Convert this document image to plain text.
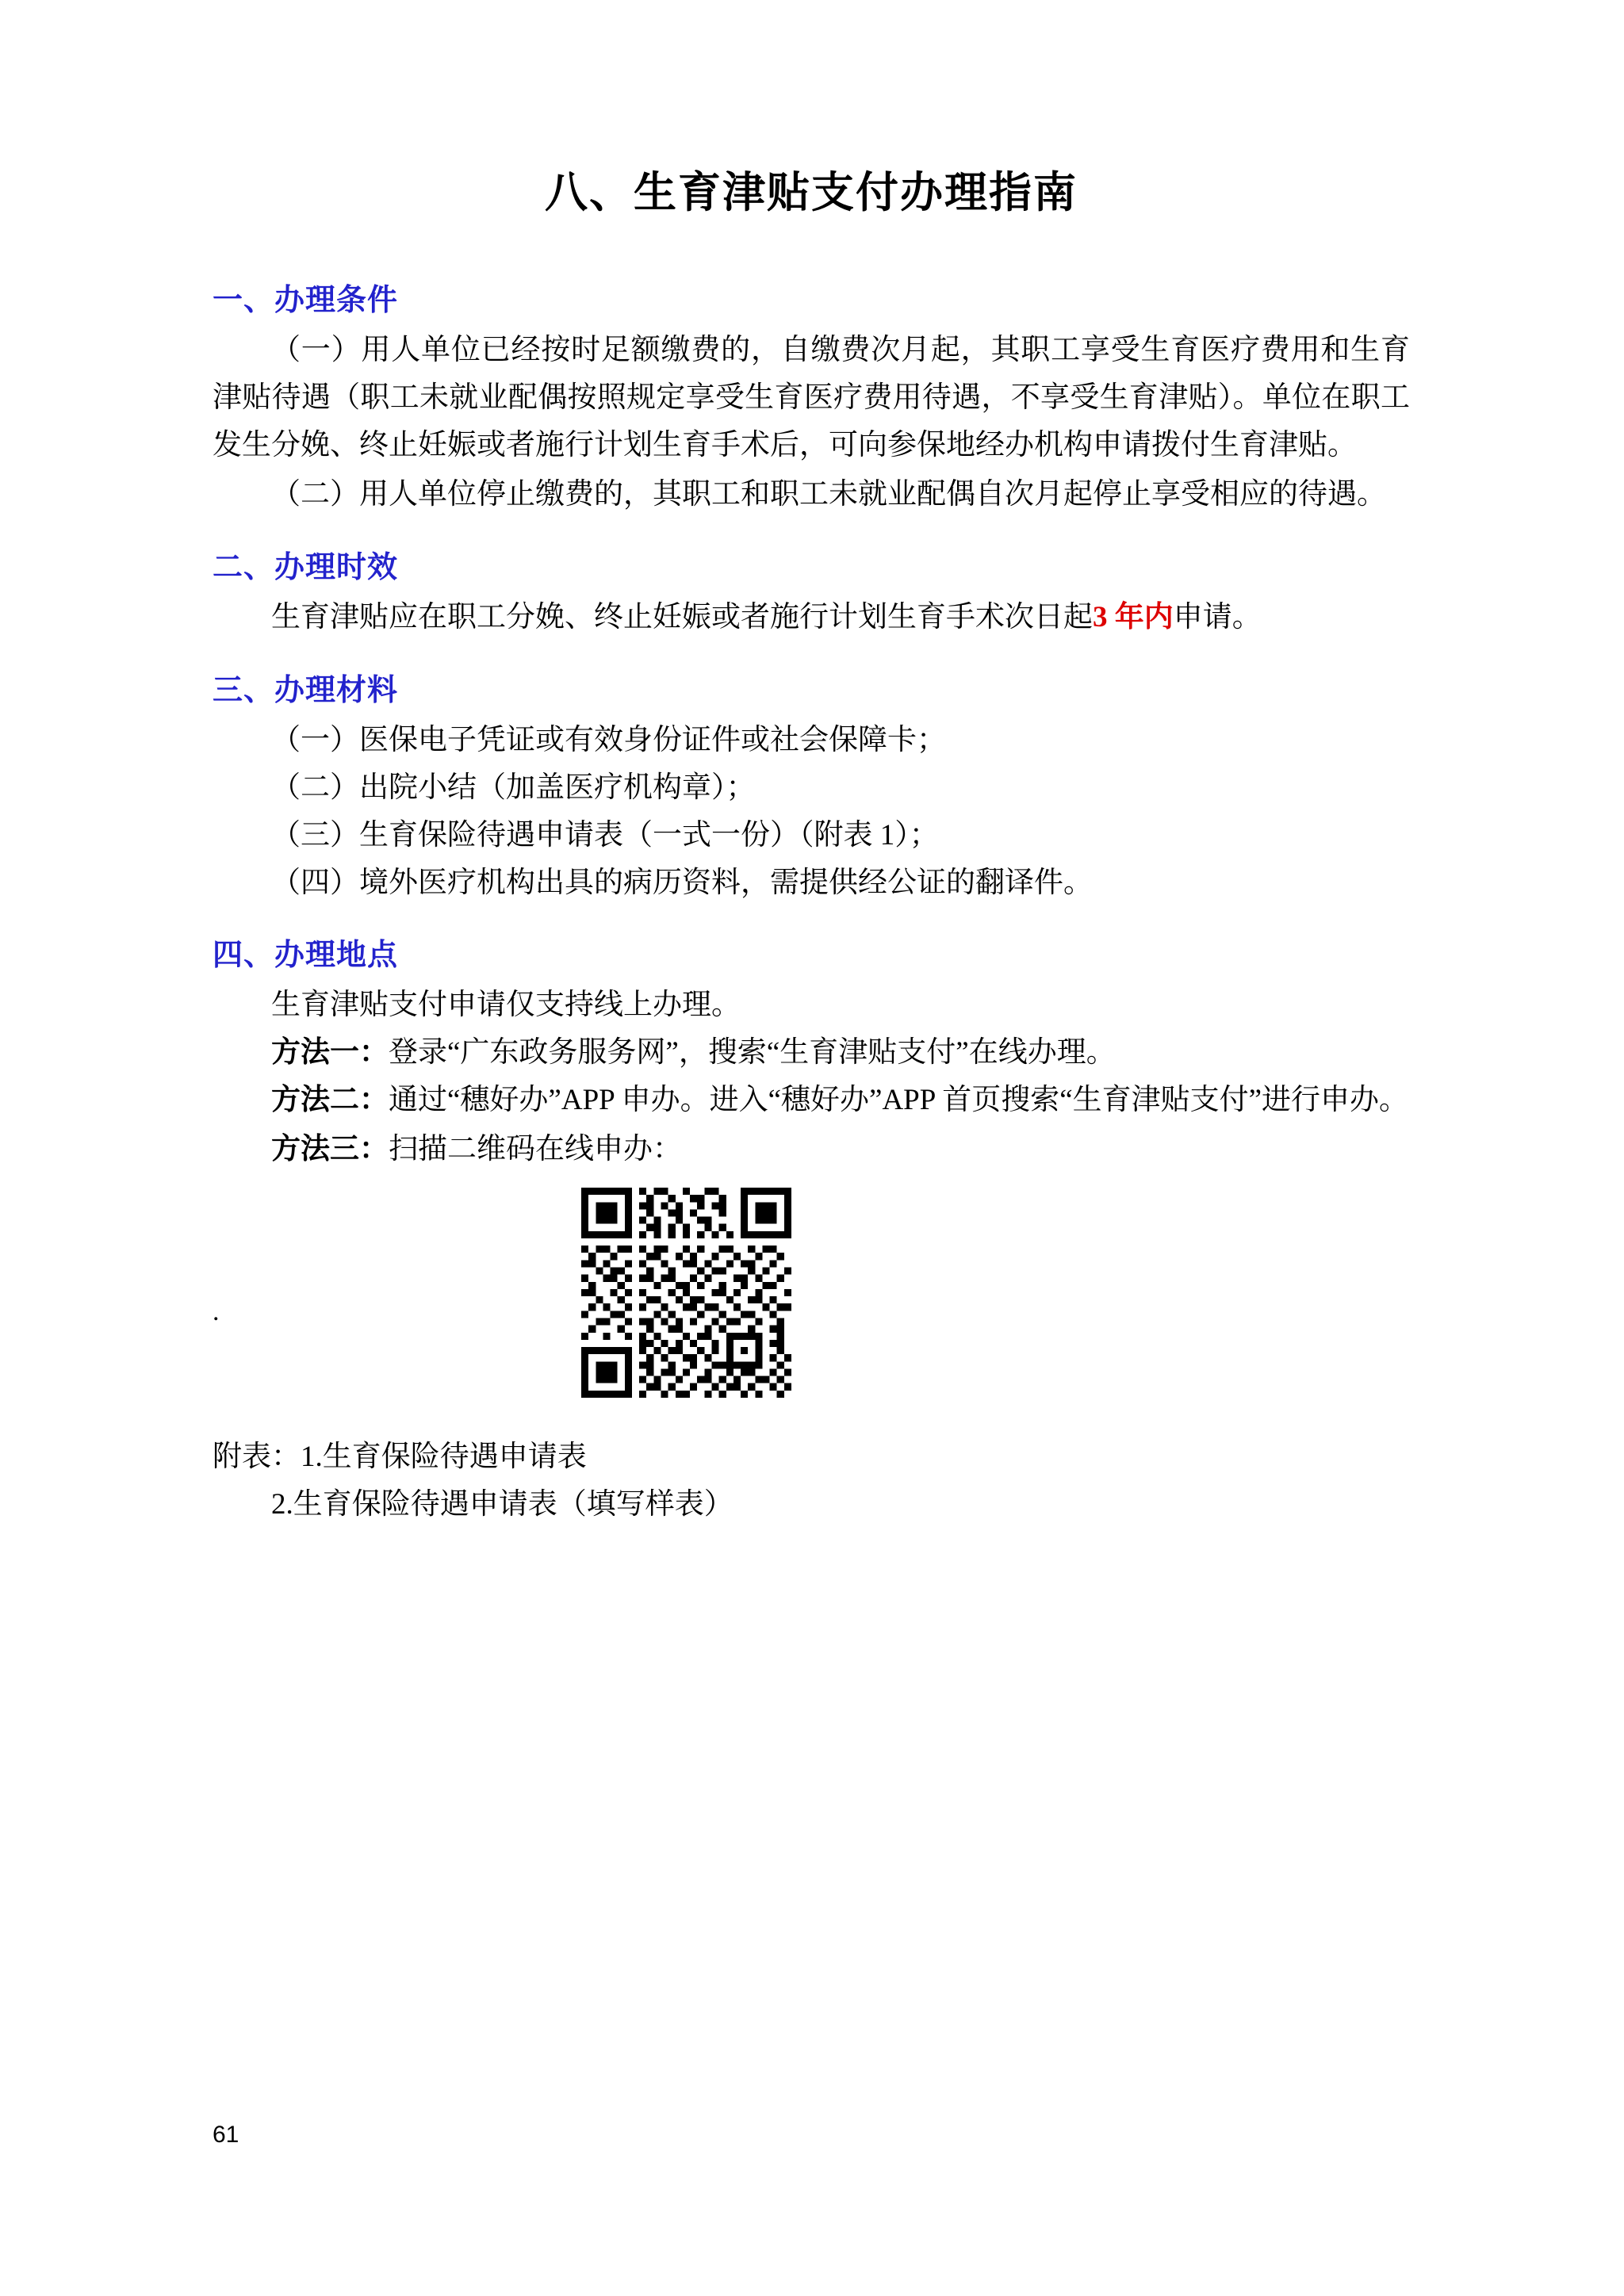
八、生育津贴支付办理指南
一、办理条件

（一）用人单位已经按时足额缴费的，自缴费次月起，其职工享受生育医疗费用和生育津贴待遇（职工未就业配偶按照规定享受生育医疗费用待遇，不享受生育津贴）。单位在职工发生分娩、终止妊娠或者施行计划生育手术后，可向参保地经办机构申请拨付生育津贴。

（二）用人单位停止缴费的，其职工和职工未就业配偶自次月起停止享受相应的待遇。

二、办理时效

生育津贴应在职工分娩、终止妊娠或者施行计划生育手术次日起3 年内申请。

三、办理材料

（一）医保电子凭证或有效身份证件或社会保障卡；

（二）出院小结（加盖医疗机构章）；

（三）生育保险待遇申请表（一式一份）（附表 1）；

（四）境外医疗机构出具的病历资料，需提供经公证的翻译件。

四、办理地点

生育津贴支付申请仅支持线上办理。

方法一：登录“广东政务服务网”，搜索“生育津贴支付”在线办理。

方法二：通过“穗好办”APP 申办。进入“穗好办”APP 首页搜索“生育津贴支付”进行申办。

方法三：扫描二维码在线申办：

.

附表：1.生育保险待遇申请表

2.生育保险待遇申请表（填写样表）

61
